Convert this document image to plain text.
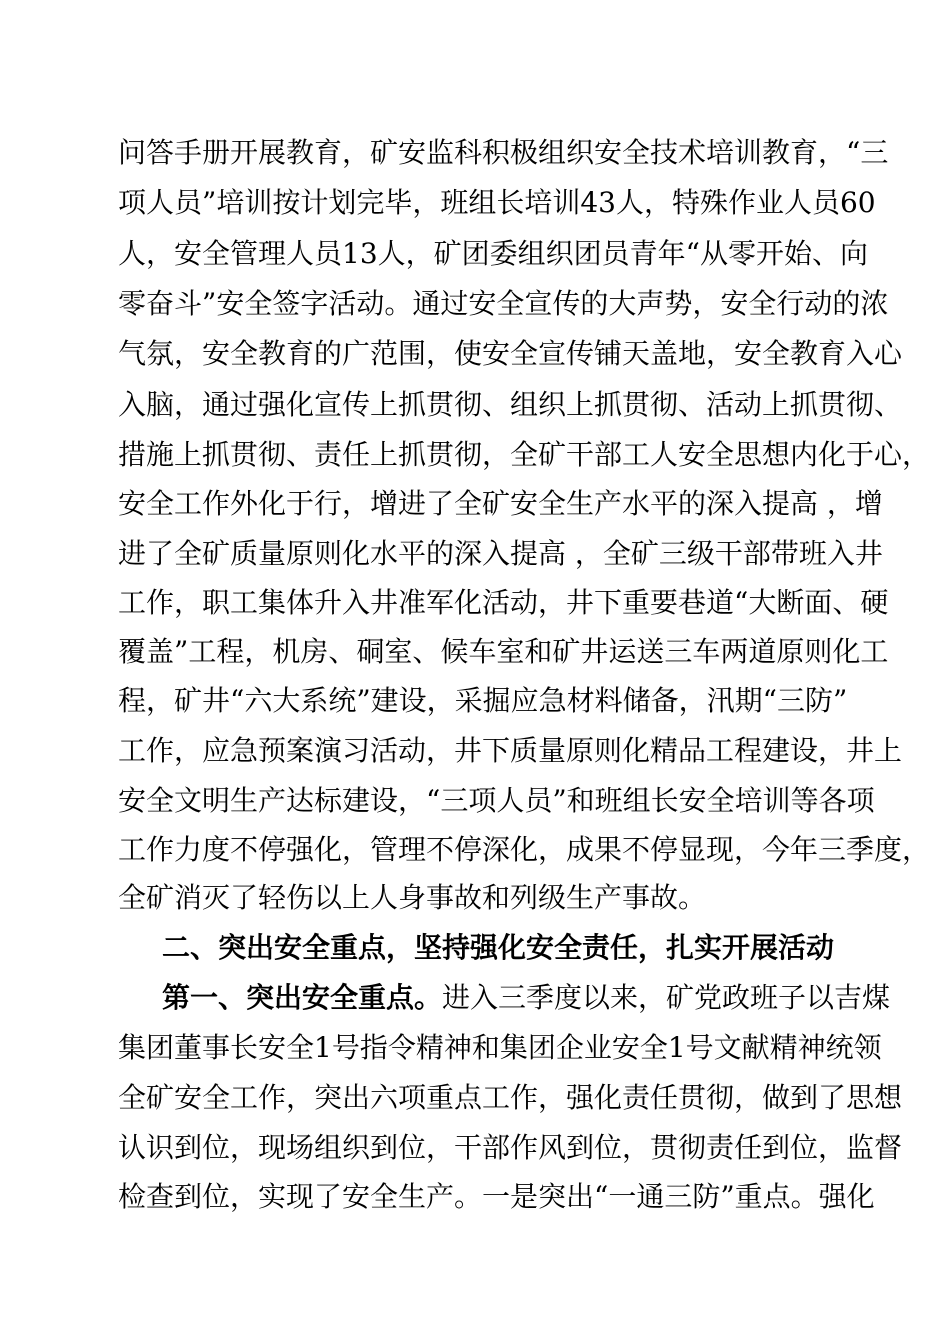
问答手册开展教育，矿安监科积极组织安全技术培训教育，“三
项人员”培训按计划完毕，班组长培训43人，特殊作业人员60
人，安全管理人员13人，矿团委组织团员青年“从零开始、向
零奋斗”安全签字活动。通过安全宣传的大声势，安全行动的浓
气氛，安全教育的广范围，使安全宣传铺天盖地，安全教育入心
入脑，通过强化宣传上抓贯彻、组织上抓贯彻、活动上抓贯彻、
措施上抓贯彻、责任上抓贯彻，全矿干部工人安全思想内化于心，
安全工作外化于行，增进了全矿安全生产水平的深入提高 ，增
进了全矿质量原则化水平的深入提高 ，全矿三级干部带班入井
工作，职工集体升入井准军化活动，井下重要巷道“大断面、硬
覆盖”工程，机房、硐室、候车室和矿井运送三车两道原则化工
程，矿井“六大系统”建设，采掘应急材料储备，汛期“三防”
工作，应急预案演习活动，井下质量原则化精品工程建设，井上
安全文明生产达标建设，“三项人员”和班组长安全培训等各项
工作力度不停强化，管理不停深化，成果不停显现，今年三季度，
全矿消灭了轻伤以上人身事故和列级生产事故。
二、突出安全重点，坚持强化安全责任，扎实开展活动
第一、突出安全重点。进入三季度以来，矿党政班子以吉煤
集团董事长安全1号指令精神和集团企业安全1号文献精神统领
全矿安全工作，突出六项重点工作，强化责任贯彻，做到了思想
认识到位，现场组织到位，干部作风到位，贯彻责任到位，监督
检查到位，实现了安全生产。一是突出“一通三防”重点。强化
